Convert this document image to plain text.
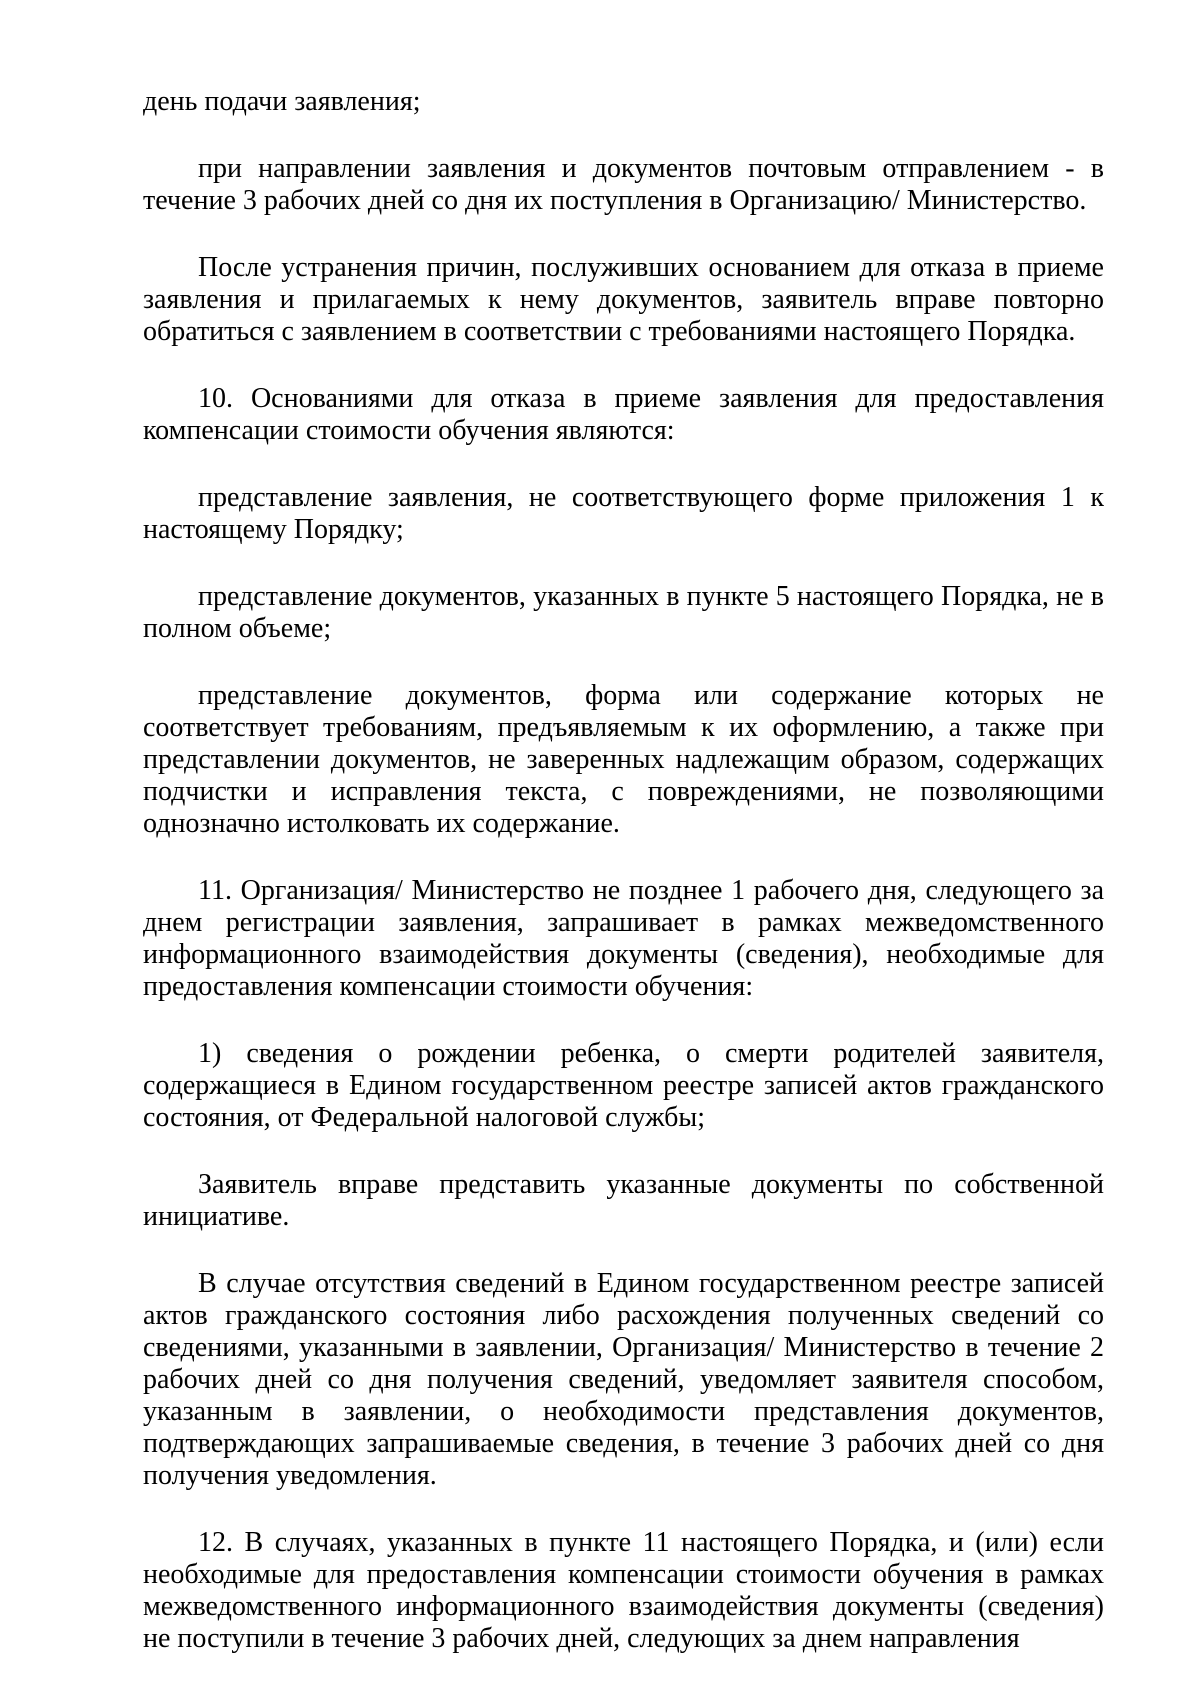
день подачи заявления;

при направлении заявления и документов почтовым отправлением - в течение 3 рабочих дней со дня их поступления в Организацию/ Министерство.

После устранения причин, послуживших основанием для отказа в приеме заявления и прилагаемых к нему документов, заявитель вправе повторно обратиться с заявлением в соответствии с требованиями настоящего Порядка.

10. Основаниями для отказа в приеме заявления для предоставления компенсации стоимости обучения являются:

представление заявления, не соответствующего форме приложения 1 к настоящему Порядку;

представление документов, указанных в пункте 5 настоящего Порядка, не в полном объеме;

представление документов, форма или содержание которых не соответствует требованиям, предъявляемым к их оформлению, а также при представлении документов, не заверенных надлежащим образом, содержащих подчистки и исправления текста, с повреждениями, не позволяющими однозначно истолковать их содержание.

11. Организация/ Министерство не позднее 1 рабочего дня, следующего за днем регистрации заявления, запрашивает в рамках межведомственного информационного взаимодействия документы (сведения), необходимые для предоставления компенсации стоимости обучения:

1) сведения о рождении ребенка, о смерти родителей заявителя, содержащиеся в Едином государственном реестре записей актов гражданского состояния, от Федеральной налоговой службы;

Заявитель вправе представить указанные документы по собственной инициативе.

В случае отсутствия сведений в Едином государственном реестре записей актов гражданского состояния либо расхождения полученных сведений со сведениями, указанными в заявлении, Организация/ Министерство в течение 2 рабочих дней со дня получения сведений, уведомляет заявителя способом, указанным в заявлении, о необходимости представления документов, подтверждающих запрашиваемые сведения, в течение 3 рабочих дней со дня получения уведомления.

12. В случаях, указанных в пункте 11 настоящего Порядка, и (или) если необходимые для предоставления компенсации стоимости обучения в рамках межведомственного информационного взаимодействия документы (сведения) не поступили в течение 3 рабочих дней, следующих за днем направления
